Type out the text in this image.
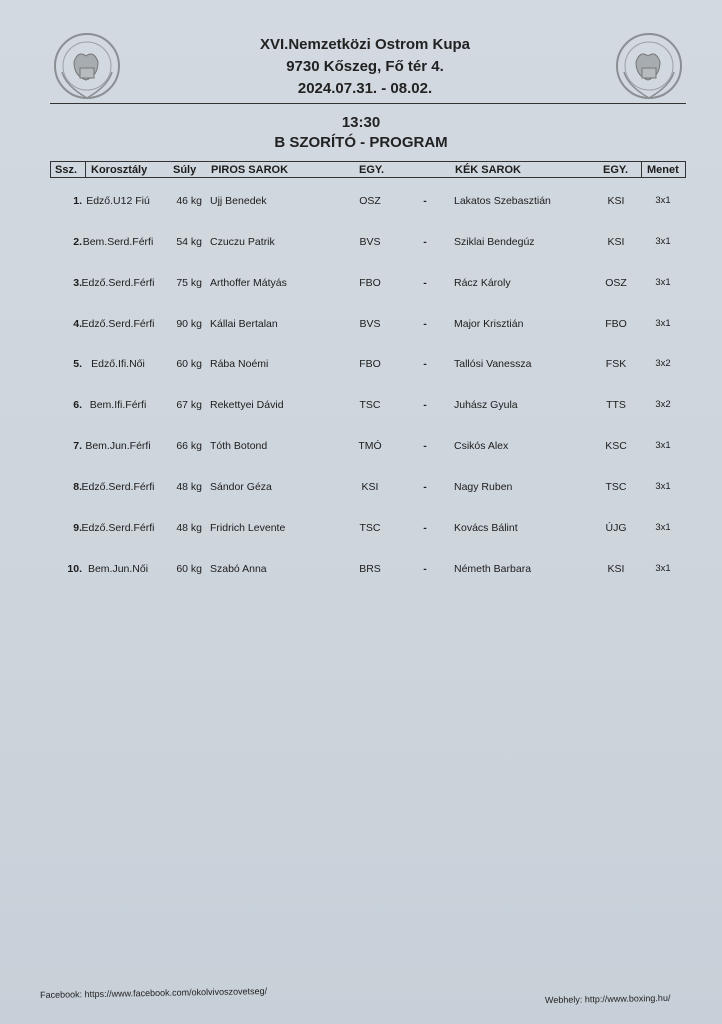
XVI.Nemzetközi Ostrom Kupa
9730 Kőszeg, Fő tér 4.
2024.07.31. - 08.02.
13:30
B SZORÍTÓ - PROGRAM
Ssz. Korosztály Súly PIROS SAROK	EGY.	KÉK SAROK	EGY. Menet
1. Edző.U12 Fiú	46 kg Ujj Benedek	OSZ	-	Lakatos Szebasztián	KSI	3x1
2. Bem.Serd.Férfi	54 kg Czuczu Patrik	BVS	-	Sziklai Bendegúz	KSI	3x1
3. Edző.Serd.Férfi	75 kg Arthoffer Mátyás	FBO	-	Rácz Károly	OSZ	3x1
4. Edző.Serd.Férfi	90 kg Kállai Bertalan	BVS	-	Major Krisztián	FBO	3x1
5. Edző.Ifi.Női	60 kg Rába Noémi	FBO	-	Tallósi Vanessza	FSK	3x2
6. Bem.Ifi.Férfi	67 kg Rekettyei Dávid	TSC	-	Juhász Gyula	TTS	3x2
7. Bem.Jun.Férfi	66 kg Tóth Botond	TMÓ	-	Csikós Alex	KSC	3x1
8. Edző.Serd.Férfi	48 kg Sándor Géza	KSI	-	Nagy Ruben	TSC	3x1
9. Edző.Serd.Férfi	48 kg Fridrich Levente	TSC	-	Kovács Bálint	ÚJG	3x1
10. Bem.Jun.Női	60 kg Szabó Anna	BRS	-	Németh Barbara	KSI	3x1
Facebook: https://www.facebook.com/okolvivoszovetseg/	Webhely: http://www.boxing.hu/
